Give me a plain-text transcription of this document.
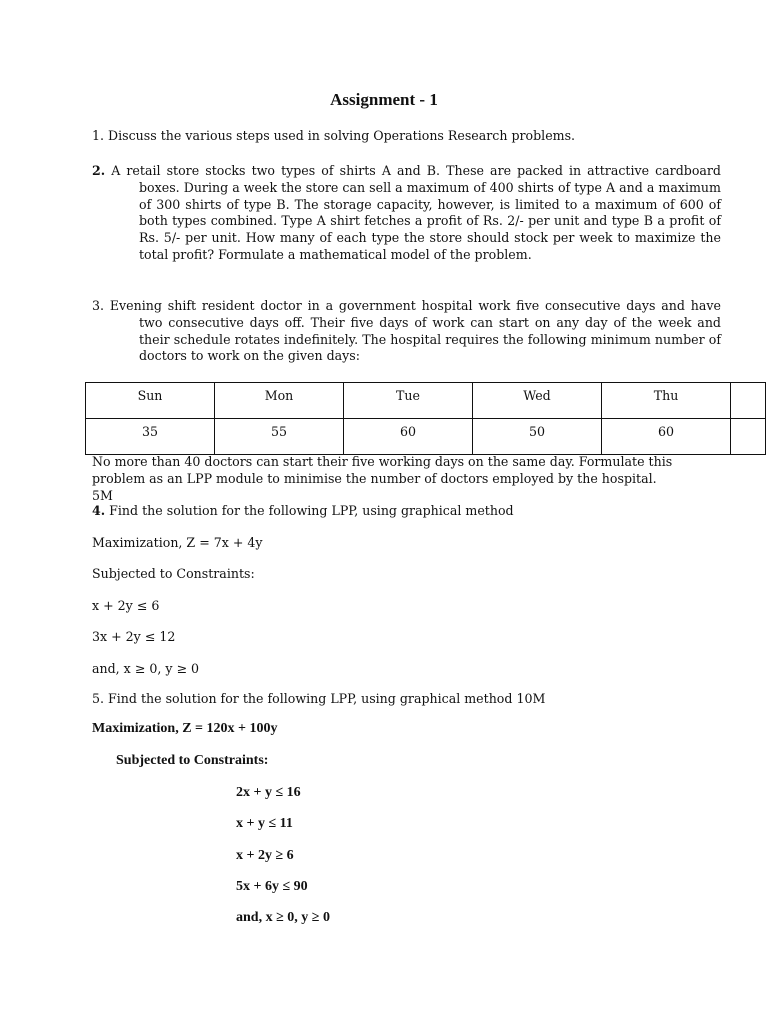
Assignment - 1
1. Discuss the various steps used in solving Operations Research problems.
2. A retail store stocks two types of shirts A and B. These are packed in attractive cardboard boxes. During a week the store can sell a maximum of 400 shirts of type A and a maximum of 300 shirts of type B. The storage capacity, however, is limited to a maximum of 600 of both types combined. Type A shirt fetches a profit of Rs. 2/- per unit and type B a profit of Rs. 5/- per unit. How many of each type the store should stock per week to maximize the total profit? Formulate a mathematical model of the problem.
3. Evening shift resident doctor in a government hospital work five consecutive days and have two consecutive days off. Their five days of work can start on any day of the week and their schedule rotates indefinitely. The hospital requires the following minimum number of doctors to work on the given days:
Sun	Mon	Tue	Wed	Thu	
35	55	60	50	60	
No more than 40 doctors can start their five working days on the same day. Formulate this problem as an LPP module to minimise the number of doctors employed by the hospital. 5M
4. Find the solution for the following LPP, using graphical method
Maximization, Z = 7x + 4y
Subjected to Constraints:
x + 2y ≤ 6
3x + 2y ≤ 12
and, x ≥ 0, y ≥ 0
5. Find the solution for the following LPP, using graphical method 10M
Maximization, Z = 120x + 100y
Subjected to Constraints:
2x + y ≤ 16
x + y ≤ 11
x + 2y ≥ 6
5x + 6y ≤ 90
and, x ≥ 0, y ≥ 0
